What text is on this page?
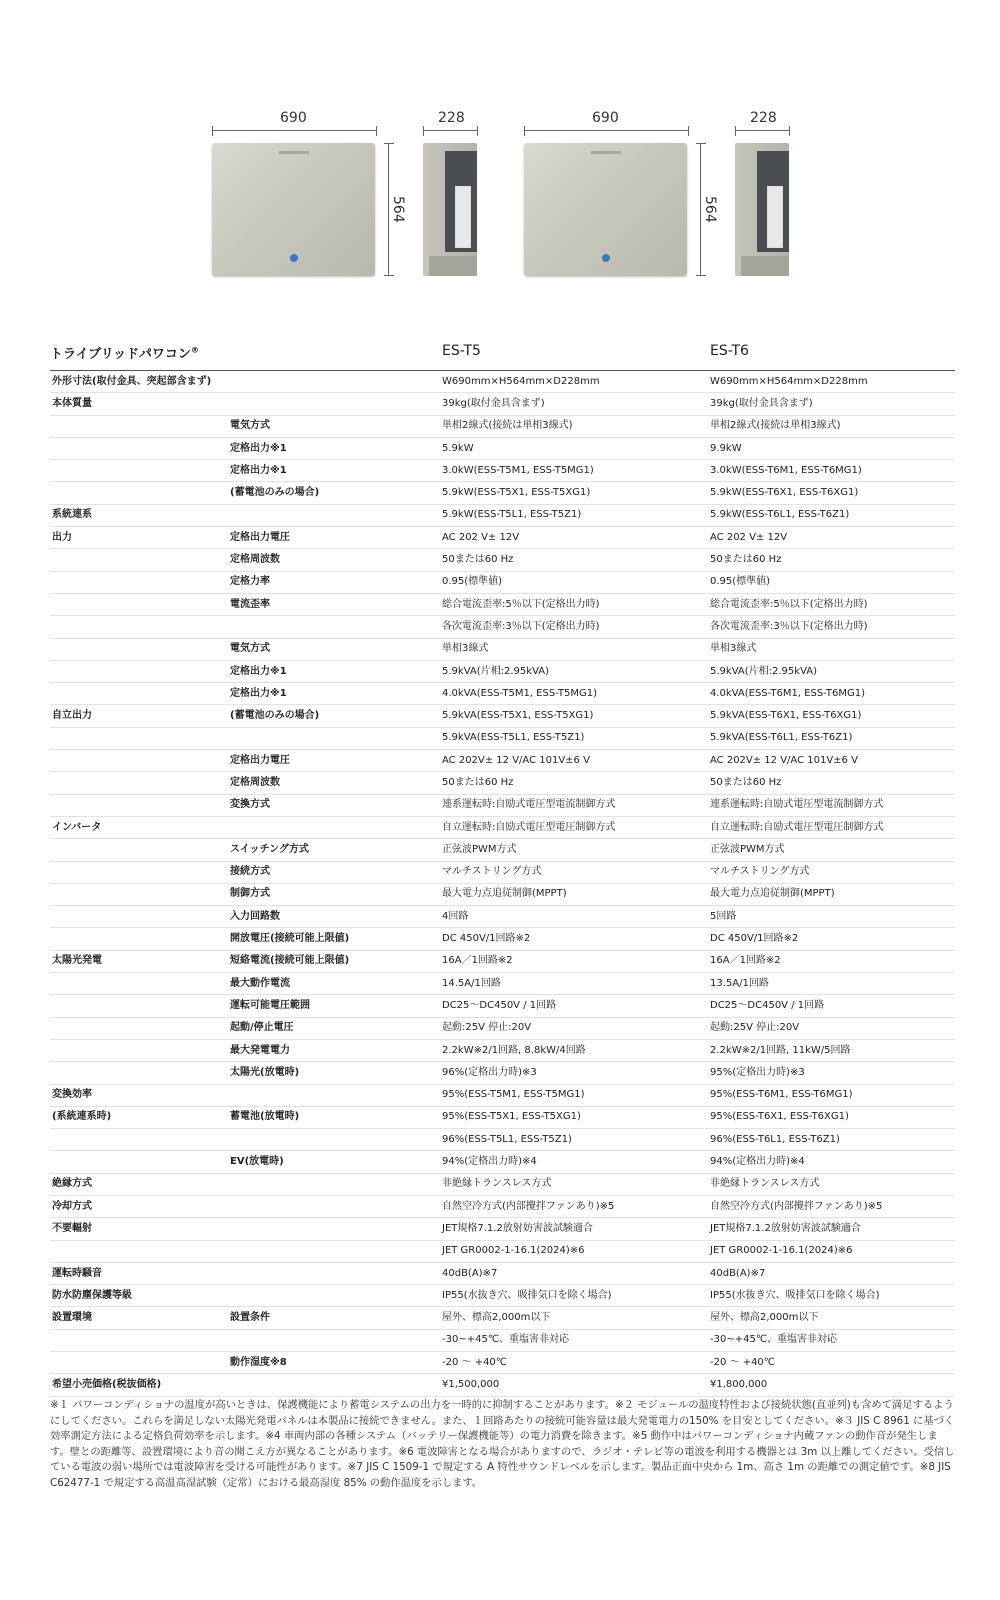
690
564
228	690
564
228
トライブリッドパワコン®	ES-T5	ES-T6
外形寸法(取付金具、突起部含まず)		W690mm×H564mm×D228mm	W690mm×H564mm×D228mm
本体質量		39kg(取付金具含まず)	39kg(取付金具含まず)
	電気方式	単相2線式(接続は単相3線式)	単相2線式(接続は単相3線式)
	定格出力※1	5.9kW	9.9kW
	定格出力※1	3.0kW(ESS-T5M1, ESS-T5MG1)	3.0kW(ESS-T6M1, ESS-T6MG1)
	(蓄電池のみの場合)	5.9kW(ESS-T5X1, ESS-T5XG1)	5.9kW(ESS-T6X1, ESS-T6XG1)
系統連系		5.9kW(ESS-T5L1, ESS-T5Z1)	5.9kW(ESS-T6L1, ESS-T6Z1)
出力	定格出力電圧	AC 202 V± 12V	AC 202 V± 12V
	定格周波数	50または60 Hz	50または60 Hz
	定格力率	0.95(標準値)	0.95(標準値)
	電流歪率	総合電流歪率:5％以下(定格出力時)	総合電流歪率:5％以下(定格出力時)
		各次電流歪率:3％以下(定格出力時)	各次電流歪率:3％以下(定格出力時)
	電気方式	単相3線式	単相3線式
	定格出力※1	5.9kVA(片相:2.95kVA)	5.9kVA(片相:2.95kVA)
	定格出力※1	4.0kVA(ESS-T5M1, ESS-T5MG1)	4.0kVA(ESS-T6M1, ESS-T6MG1)
自立出力	(蓄電池のみの場合)	5.9kVA(ESS-T5X1, ESS-T5XG1)	5.9kVA(ESS-T6X1, ESS-T6XG1)
		5.9kVA(ESS-T5L1, ESS-T5Z1)	5.9kVA(ESS-T6L1, ESS-T6Z1)
	定格出力電圧	AC 202V± 12 V/AC 101V±6 V	AC 202V± 12 V/AC 101V±6 V
	定格周波数	50または60 Hz	50または60 Hz
	変換方式	連系運転時:自励式電圧型電流制御方式	連系運転時:自励式電圧型電流制御方式
インバータ		自立運転時:自励式電圧型電圧制御方式	自立運転時:自励式電圧型電圧制御方式
	スイッチング方式	正弦波PWM方式	正弦波PWM方式
	接続方式	マルチストリング方式	マルチストリング方式
	制御方式	最大電力点追従制御(MPPT)	最大電力点追従制御(MPPT)
	入力回路数	4回路	5回路
	開放電圧(接続可能上限値)	DC 450V/1回路※2	DC 450V/1回路※2
太陽光発電	短絡電流(接続可能上限値)	16A／1回路※2	16A／1回路※2
	最大動作電流	14.5A/1回路	13.5A/1回路
	運転可能電圧範囲	DC25～DC450V / 1回路	DC25～DC450V / 1回路
	起動/停止電圧	起動:25V 停止:20V	起動:25V 停止:20V
	最大発電電力	2.2kW※2/1回路, 8.8kW/4回路	2.2kW※2/1回路, 11kW/5回路
	太陽光(放電時)	96%(定格出力時)※3	95%(定格出力時)※3
変換効率		95%(ESS-T5M1, ESS-T5MG1)	95%(ESS-T6M1, ESS-T6MG1)
(系統連系時)	蓄電池(放電時)	95%(ESS-T5X1, ESS-T5XG1)	95%(ESS-T6X1, ESS-T6XG1)
		96%(ESS-T5L1, ESS-T5Z1)	96%(ESS-T6L1, ESS-T6Z1)
	EV(放電時)	94%(定格出力時)※4	94%(定格出力時)※4
絶縁方式		非絶縁トランスレス方式	非絶縁トランスレス方式
冷却方式		自然空冷方式(内部攪拌ファンあり)※5	自然空冷方式(内部攪拌ファンあり)※5
不要輻射		JET規格7.1.2放射妨害波試験適合	JET規格7.1.2放射妨害波試験適合
		JET GR0002-1-16.1(2024)※6	JET GR0002-1-16.1(2024)※6
運転時騒音		40dB(A)※7	40dB(A)※7
防水防塵保護等級		IP55(水抜き穴、吸排気口を除く場合)	IP55(水抜き穴、吸排気口を除く場合)
設置環境	設置条件	屋外、標高2,000m以下	屋外、標高2,000m以下
		-30~+45℃、重塩害非対応	-30~+45℃、重塩害非対応
	動作湿度※8	-20 ～ +40℃	-20 ～ +40℃
希望小売価格(税抜価格)		¥1,500,000	¥1,800,000
※１ パワーコンディショナの温度が高いときは、保護機能により蓄電システムの出力を一時的に抑制することがあります。※２ モジュールの温度特性および接続状態(直並列)も含めて満足するようにしてください。これらを満足しない太陽光発電パネルは本製品に接続できません。また、１回路あたりの接続可能容量は最大発電電力の150% を目安としてください。※３ JIS C 8961 に基づく効率測定方法による定格負荷効率を示します。※4 車両内部の各種システム（バッテリー保護機能等）の電力消費を除きます。※5 動作中はパワーコンディショナ内蔵ファンの動作音が発生します。壁との距離等、設置環境により音の聞こえ方が異なることがあります。※6 電波障害となる場合がありますので、ラジオ・テレビ等の電波を利用する機器とは 3m 以上離してください。受信している電波の弱い場所では電波障害を受ける可能性があります。※7 JIS C 1509-1 で規定する A 特性サウンドレベルを示します。製品正面中央から 1m、高さ 1m の距離での測定値です。※8 JIS C62477-1 で規定する高温高湿試験（定常）における最高湿度 85% の動作温度を示します。
